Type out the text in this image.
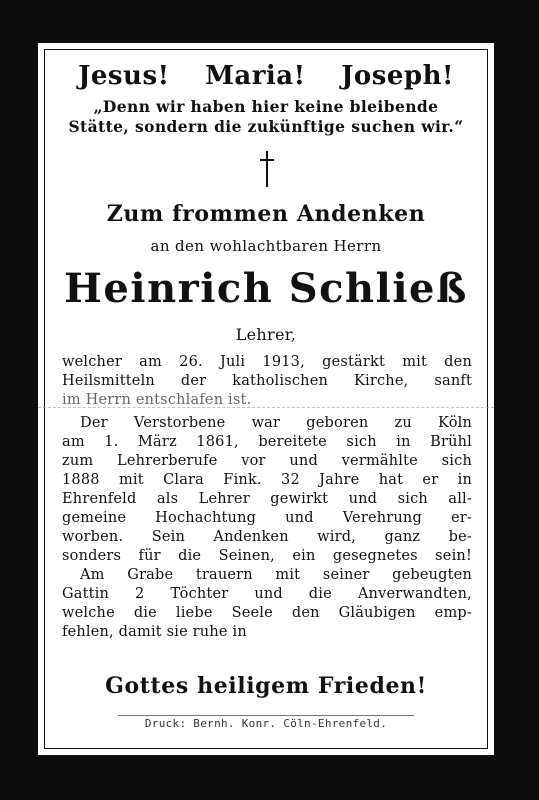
Jesus! Maria! Joseph!
„Denn wir haben hier keine bleibende
Stätte, sondern die zukünftige suchen wir.“
Zum frommen Andenken
an den wohlachtbaren Herrn
Heinrich Schließ
Lehrer,
welcher am 26. Juli 1913, gestärkt mit den
Heilsmitteln der katholischen Kirche, sanft
im Herrn entschlafen ist.
Der Verstorbene war geboren zu Köln
am 1. März 1861, bereitete sich in Brühl
zum Lehrerberufe vor und vermählte sich
1888 mit Clara Fink. 32 Jahre hat er in
Ehrenfeld als Lehrer gewirkt und sich all-
gemeine Hochachtung und Verehrung er-
worben. Sein Andenken wird, ganz be-
sonders für die Seinen, ein gesegnetes sein!
Am Grabe trauern mit seiner gebeugten
Gattin 2 Töchter und die Anverwandten,
welche die liebe Seele den Gläubigen emp-
fehlen, damit sie ruhe in
Gottes heiligem Frieden!
Druck: Bernh. Konr. Cöln-Ehrenfeld.
